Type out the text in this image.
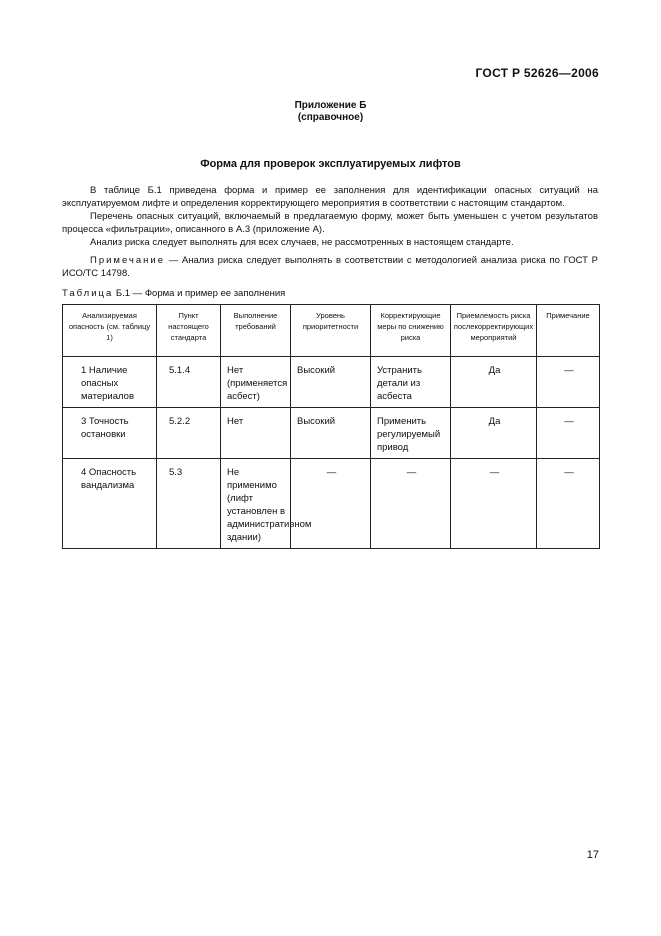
ГОСТ Р 52626—2006
Приложение Б
(справочное)
Форма для проверок эксплуатируемых лифтов
В таблице Б.1 приведена форма и пример ее заполнения для идентификации опасных ситуаций на эксплуатируемом лифте и определения корректирующего мероприятия в соответствии с настоящим стандартом.
Перечень опасных ситуаций, включаемый в предлагаемую форму, может быть уменьшен с учетом результатов процесса «фильтрации», описанного в А.3 (приложение А).
Анализ риска следует выполнять для всех случаев, не рассмотренных в настоящем стандарте.
Примечание — Анализ риска следует выполнять в соответствии с методологией анализа риска по ГОСТ Р ИСО/ТС 14798.
Таблица Б.1 — Форма и пример ее заполнения
Анализируемая опасность (см. таблицу 1)	Пункт настоящего стандарта	Выполнение требований	Уровень приоритетности	Корректирующие меры по снижению риска	Приемлемость риска послекорректирующих мероприятий	Примечание
1 Наличие опасных материалов	5.1.4	Нет (применяется асбест)	Высокий	Устранить детали из асбеста	Да	—
3 Точность остановки	5.2.2	Нет	Высокий	Применить регулируемый привод	Да	—
4 Опасность вандализма	5.3	Не применимо (лифт установлен в административном здании)	—	—	—	—
17
